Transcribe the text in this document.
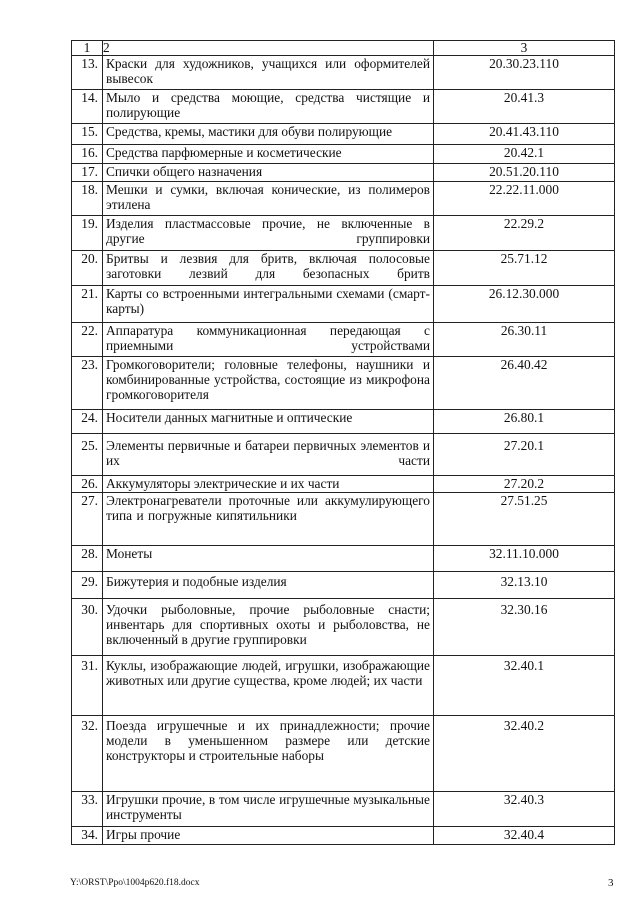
1	2	3
13.	Краски для художников, учащихся или оформителей вывесок	20.30.23.110
14.	Мыло и средства моющие, средства чистящие и полирующие	20.41.3
15.	Средства, кремы, мастики для обуви полирующие	20.41.43.110
16.	Средства парфюмерные и косметические	20.42.1
17.	Спички общего назначения	20.51.20.110
18.	Мешки и сумки, включая конические, из полимеров этилена	22.22.11.000
19.	Изделия пластмассовые прочие, не включенные в другие группировки	22.29.2
20.	Бритвы и лезвия для бритв, включая полосовые заготовки лезвий для безопасных бритв	25.71.12
21.	Карты со встроенными интегральными схемами (смарт-карты)	26.12.30.000
22.	Аппаратура коммуникационная передающая с приемными устройствами	26.30.11
23.	Громкоговорители; головные телефоны, наушники и комбинированные устройства, состоящие из микрофона громкоговорителя	26.40.42
24.	Носители данных магнитные и оптические	26.80.1
25.	Элементы первичные и батареи первичных элементов и их части	27.20.1
26.	Аккумуляторы электрические и их части	27.20.2
27.	Электронагреватели проточные или аккумулирующего типа и погружные кипятильники	27.51.25
28.	Монеты	32.11.10.000
29.	Бижутерия и подобные изделия	32.13.10
30.	Удочки рыболовные, прочие рыболовные снасти; инвентарь для спортивных охоты и рыболовства, не включенный в другие группировки	32.30.16
31.	Куклы, изображающие людей, игрушки, изображающие животных или другие существа, кроме людей; их части	32.40.1
32.	Поезда игрушечные и их принадлежности; прочие модели в уменьшенном размере или детские конструкторы и строительные наборы	32.40.2
33.	Игрушки прочие, в том числе игрушечные музыкальные инструменты	32.40.3
34.	Игры прочие	32.40.4
Y:\ORST\Ppo\1004p620.f18.docx	3
